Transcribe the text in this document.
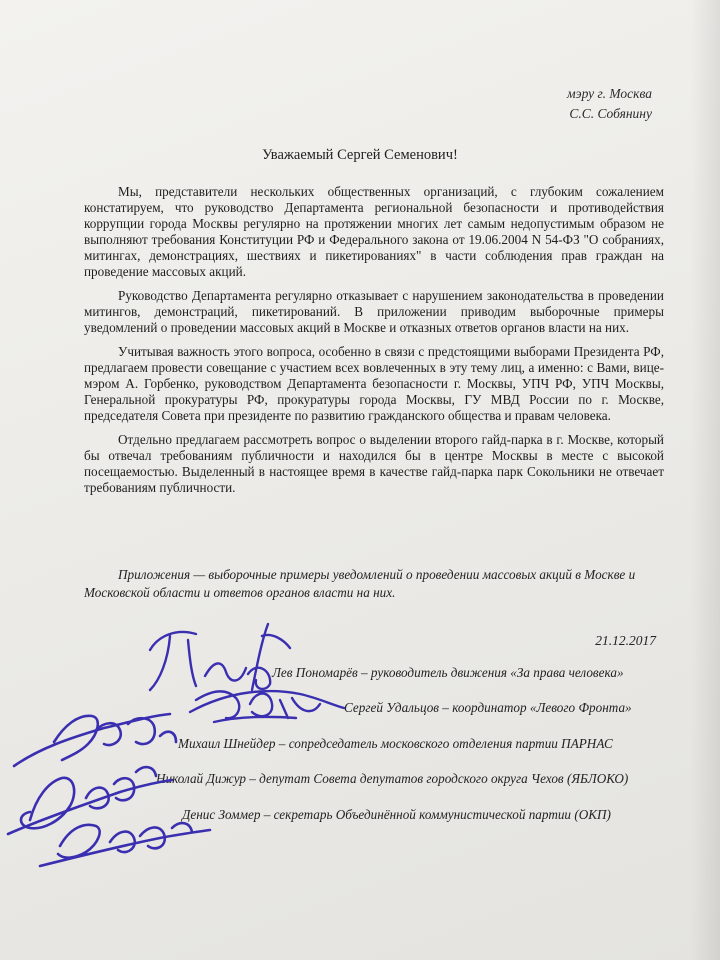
мэру г. Москва
С.С. Собянину
Уважаемый Сергей Семенович!

Мы, представители нескольких общественных организаций, с глубоким сожалением констатируем, что руководство Департамента региональной безопасности и противодействия коррупции города Москвы регулярно на протяжении многих лет самым недопустимым образом не выполняют требования Конституции РФ и Федерального закона от 19.06.2004 N 54-ФЗ "О собраниях, митингах, демонстрациях, шествиях и пикетированиях" в части соблюдения прав граждан на проведение массовых акций.

Руководство Департамента регулярно отказывает с нарушением законодательства в проведении митингов, демонстраций, пикетирований. В приложении приводим выборочные примеры уведомлений о проведении массовых акций в Москве и отказных ответов органов власти на них.

Учитывая важность этого вопроса, особенно в связи с предстоящими выборами Президента РФ, предлагаем провести совещание с участием всех вовлеченных в эту тему лиц, а именно: с Вами, вице-мэром А. Горбенко, руководством Департамента безопасности г. Москвы, УПЧ РФ, УПЧ Москвы, Генеральной прокуратуры РФ, прокуратуры города Москвы, ГУ МВД России по г. Москве, председателя Совета при президенте по развитию гражданского общества и правам человека.

Отдельно предлагаем рассмотреть вопрос о выделении второго гайд-парка в г. Москве, который бы отвечал требованиям публичности и находился бы в центре Москвы в месте с высокой посещаемостью. Выделенный в настоящее время в качестве гайд-парка парк Сокольники не отвечает требованиям публичности.

Приложения — выборочные примеры уведомлений о проведении массовых акций в Москве и Московской области и ответов органов власти на них.
21.12.2017
Лев Пономарёв – руководитель движения «За права человека»
Сергей Удальцов – координатор «Левого Фронта»
Михаил Шнейдер – сопредседатель московского отделения партии ПАРНАС
Николай Дижур – депутат Совета депутатов городского округа Чехов (ЯБЛОКО)
Денис Зоммер – секретарь Объединённой коммунистической партии (ОКП)
